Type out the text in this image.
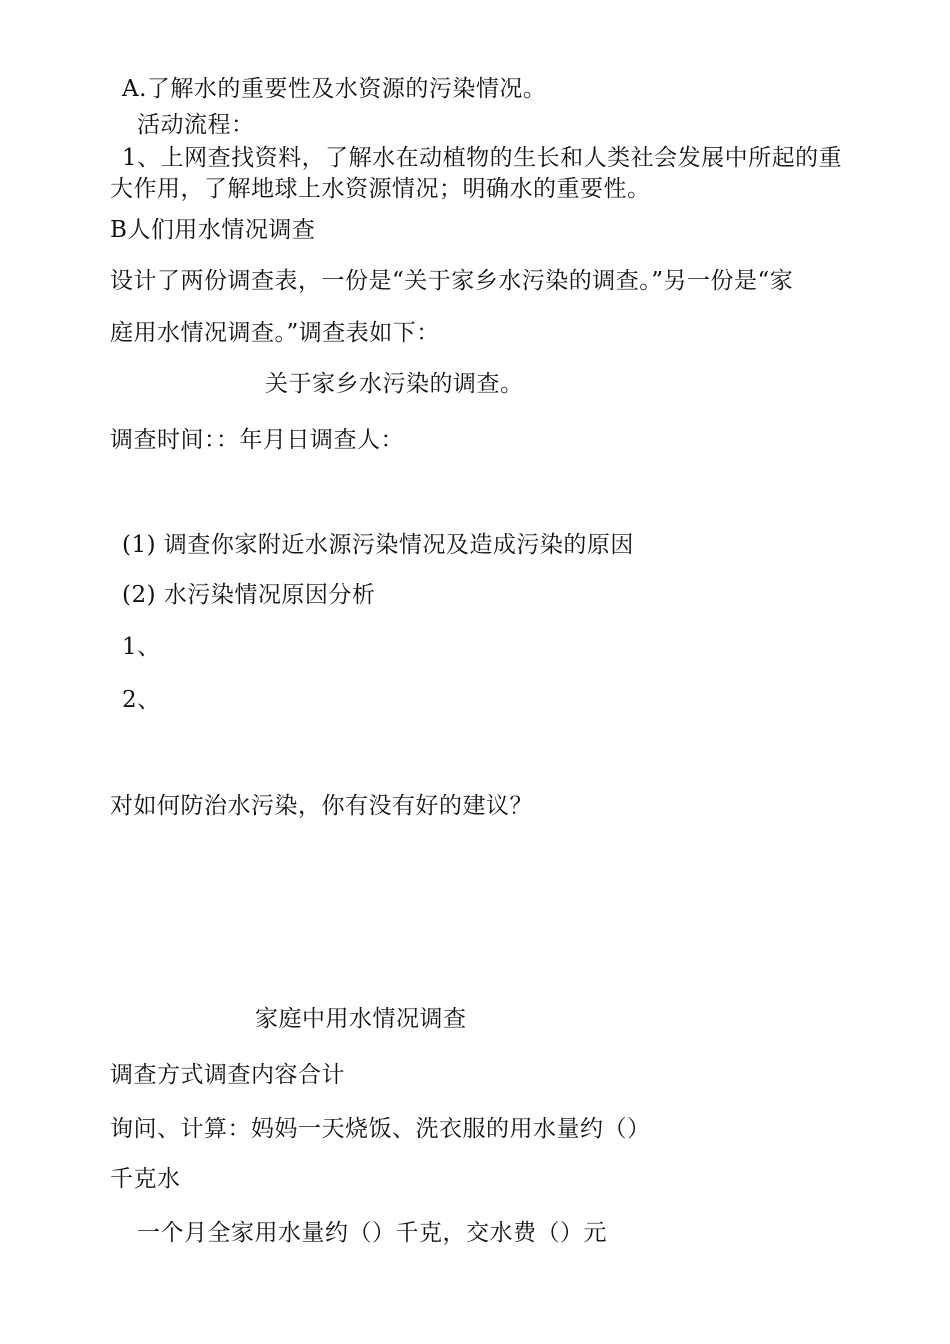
A.了解水的重要性及水资源的污染情况。

活动流程：

1、上网查找资料，了解水在动植物的生长和人类社会发展中所起的重

大作用，了解地球上水资源情况；明确水的重要性。

B人们用水情况调查

设计了两份调查表，一份是“关于家乡水污染的调查。”另一份是“家

庭用水情况调查。”调查表如下：

关于家乡水污染的调查。

调查时间：：年月日调查人：

(1) 调查你家附近水源污染情况及造成污染的原因

(2) 水污染情况原因分析

1、

2、

对如何防治水污染，你有没有好的建议？

家庭中用水情况调查

调查方式调查内容合计

询问、计算：妈妈一天烧饭、洗衣服的用水量约（）

千克水

一个月全家用水量约（）千克，交水费（）元
